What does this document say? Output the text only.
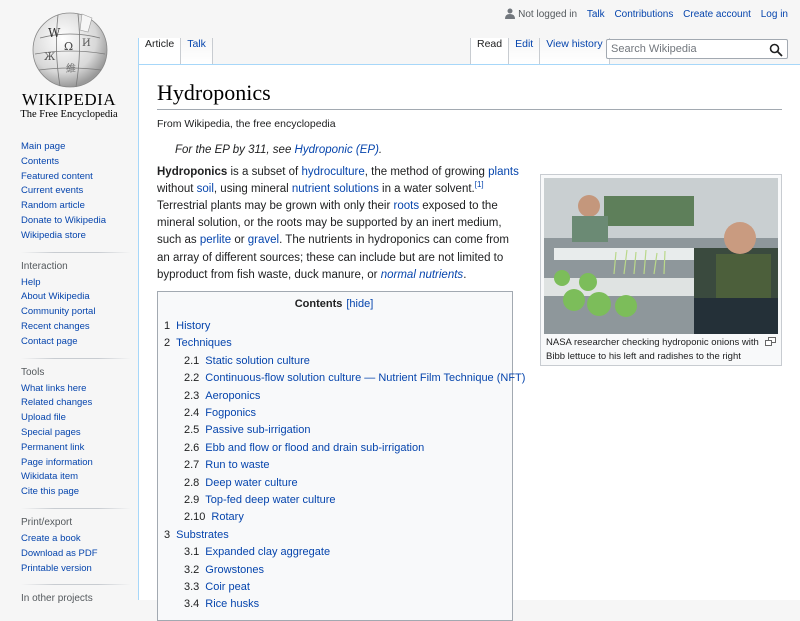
W
Ω
Ж
И
維
WIKIPEDIA
The Free Encyclopedia
Main page
Contents
Featured content
Current events
Random article
Donate to Wikipedia
Wikipedia store
Interaction
Help
About Wikipedia
Community portal
Recent changes
Contact page
Tools
What links here
Related changes
Upload file
Special pages
Permanent link
Page information
Wikidata item
Cite this page
Print/export
Create a book
Download as PDF
Printable version
In other projects
Not logged in Talk Contributions Create account Log in
Article Talk	Read Edit View history
Search Wikipedia
Hydroponics
From Wikipedia, the free encyclopedia
For the EP by 311, see Hydroponic (EP).
NASA researcher checking hydroponic onions with Bibb lettuce to his left and radishes to the right

Hydroponics is a subset of hydroculture, the method of growing plants without soil, using mineral nutrient solutions in a water solvent.[1] Terrestrial plants may be grown with only their roots exposed to the mineral solution, or the roots may be supported by an inert medium, such as perlite or gravel. The nutrients in hydroponics can come from an array of different sources; these can include but are not limited to byproduct from fish waste, duck manure, or normal nutrients.

Contents [hide]
1 History
2 Techniques
2.1 Static solution culture
2.2 Continuous-flow solution culture — Nutrient Film Technique (NFT)
2.3 Aeroponics
2.4 Fogponics
2.5 Passive sub-irrigation
2.6 Ebb and flow or flood and drain sub-irrigation
2.7 Run to waste
2.8 Deep water culture
2.9 Top-fed deep water culture
2.10 Rotary
3 Substrates
3.1 Expanded clay aggregate
3.2 Growstones
3.3 Coir peat
3.4 Rice husks
